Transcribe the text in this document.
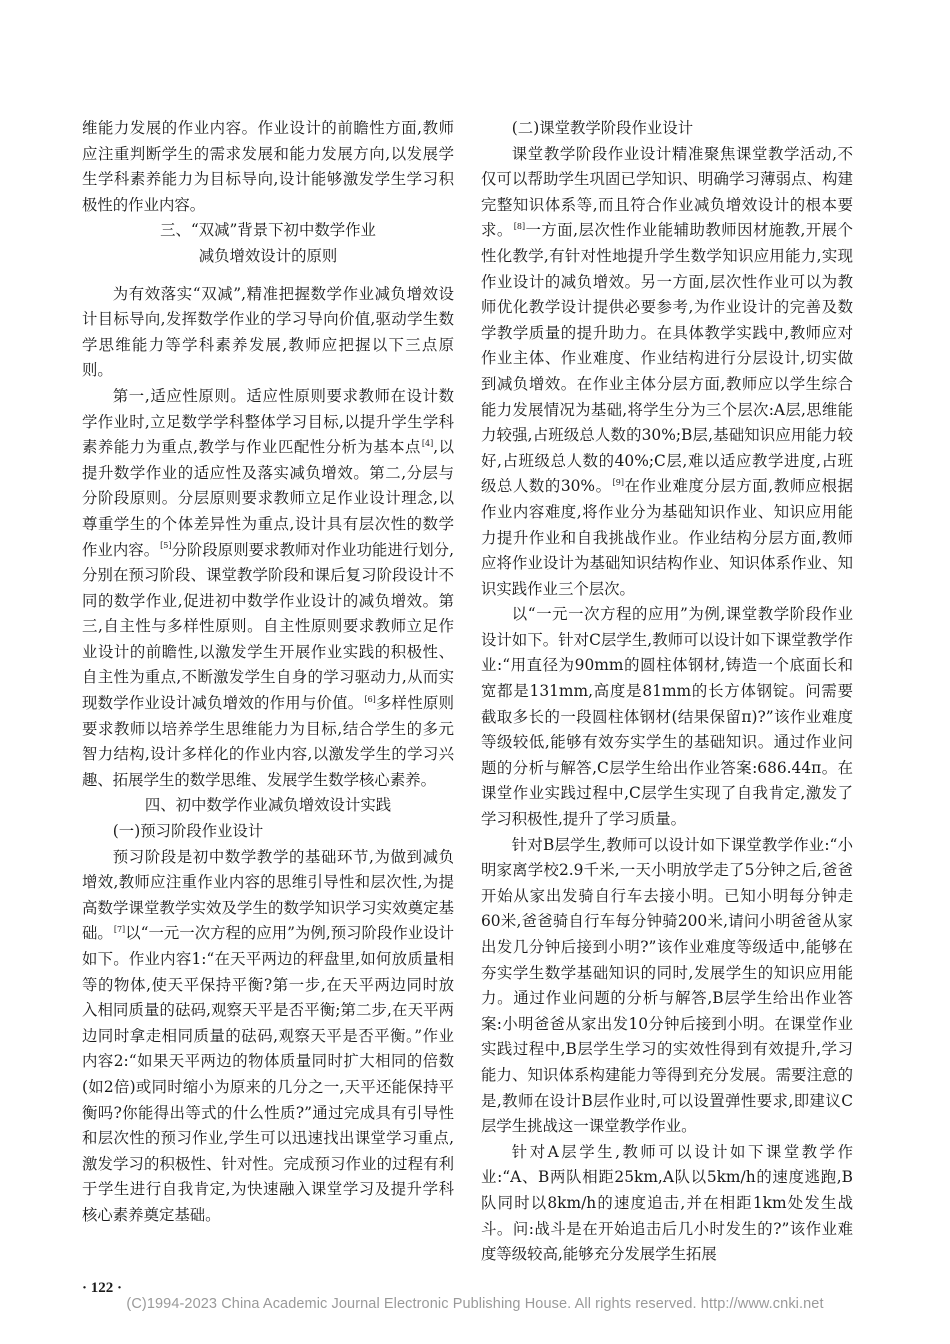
维能力发展的作业内容。作业设计的前瞻性方面,教师应注重判断学生的需求发展和能力发展方向,以发展学生学科素养能力为目标导向,设计能够激发学生学习积极性的作业内容。

三、“双减”背景下初中数学作业

减负增效设计的原则

为有效落实“双减”,精准把握数学作业减负增效设计目标导向,发挥数学作业的学习导向价值,驱动学生数学思维能力等学科素养发展,教师应把握以下三点原则。

第一,适应性原则。适应性原则要求教师在设计数学作业时,立足数学学科整体学习目标,以提升学生学科素养能力为重点,教学与作业匹配性分析为基本点[4],以提升数学作业的适应性及落实减负增效。第二,分层与分阶段原则。分层原则要求教师立足作业设计理念,以尊重学生的个体差异性为重点,设计具有层次性的数学作业内容。[5]分阶段原则要求教师对作业功能进行划分,分别在预习阶段、课堂教学阶段和课后复习阶段设计不同的数学作业,促进初中数学作业设计的减负增效。第三,自主性与多样性原则。自主性原则要求教师立足作业设计的前瞻性,以激发学生开展作业实践的积极性、自主性为重点,不断激发学生自身的学习驱动力,从而实现数学作业设计减负增效的作用与价值。[6]多样性原则要求教师以培养学生思维能力为目标,结合学生的多元智力结构,设计多样化的作业内容,以激发学生的学习兴趣、拓展学生的数学思维、发展学生数学核心素养。

四、初中数学作业减负增效设计实践

(一)预习阶段作业设计

预习阶段是初中数学教学的基础环节,为做到减负增效,教师应注重作业内容的思维引导性和层次性,为提高数学课堂教学实效及学生的数学知识学习实效奠定基础。[7]以“一元一次方程的应用”为例,预习阶段作业设计如下。作业内容1:“在天平两边的秤盘里,如何放质量相等的物体,使天平保持平衡?第一步,在天平两边同时放入相同质量的砝码,观察天平是否平衡;第二步,在天平两边同时拿走相同质量的砝码,观察天平是否平衡。”作业内容2:“如果天平两边的物体质量同时扩大相同的倍数(如2倍)或同时缩小为原来的几分之一,天平还能保持平衡吗?你能得出等式的什么性质?”通过完成具有引导性和层次性的预习作业,学生可以迅速找出课堂学习重点,激发学习的积极性、针对性。完成预习作业的过程有利于学生进行自我肯定,为快速融入课堂学习及提升学科核心素养奠定基础。

(二)课堂教学阶段作业设计

课堂教学阶段作业设计精准聚焦课堂教学活动,不仅可以帮助学生巩固已学知识、明确学习薄弱点、构建完整知识体系等,而且符合作业减负增效设计的根本要求。[8]一方面,层次性作业能辅助教师因材施教,开展个性化教学,有针对性地提升学生数学知识应用能力,实现作业设计的减负增效。另一方面,层次性作业可以为教师优化教学设计提供必要参考,为作业设计的完善及数学教学质量的提升助力。在具体教学实践中,教师应对作业主体、作业难度、作业结构进行分层设计,切实做到减负增效。在作业主体分层方面,教师应以学生综合能力发展情况为基础,将学生分为三个层次:A层,思维能力较强,占班级总人数的30%;B层,基础知识应用能力较好,占班级总人数的40%;C层,难以适应教学进度,占班级总人数的30%。[9]在作业难度分层方面,教师应根据作业内容难度,将作业分为基础知识作业、知识应用能力提升作业和自我挑战作业。作业结构分层方面,教师应将作业设计为基础知识结构作业、知识体系作业、知识实践作业三个层次。

以“一元一次方程的应用”为例,课堂教学阶段作业设计如下。针对C层学生,教师可以设计如下课堂教学作业:“用直径为90mm的圆柱体钢材,铸造一个底面长和宽都是131mm,高度是81mm的长方体钢锭。问需要截取多长的一段圆柱体钢材(结果保留π)?”该作业难度等级较低,能够有效夯实学生的基础知识。通过作业问题的分析与解答,C层学生给出作业答案:686.44π。在课堂作业实践过程中,C层学生实现了自我肯定,激发了学习积极性,提升了学习质量。

针对B层学生,教师可以设计如下课堂教学作业:“小明家离学校2.9千米,一天小明放学走了5分钟之后,爸爸开始从家出发骑自行车去接小明。已知小明每分钟走60米,爸爸骑自行车每分钟骑200米,请问小明爸爸从家出发几分钟后接到小明?”该作业难度等级适中,能够在夯实学生数学基础知识的同时,发展学生的知识应用能力。通过作业问题的分析与解答,B层学生给出作业答案:小明爸爸从家出发10分钟后接到小明。在课堂作业实践过程中,B层学生学习的实效性得到有效提升,学习能力、知识体系构建能力等得到充分发展。需要注意的是,教师在设计B层作业时,可以设置弹性要求,即建议C层学生挑战这一课堂教学作业。

针对A层学生,教师可以设计如下课堂教学作业:“A、B两队相距25km,A队以5km/h的速度逃跑,B队同时以8km/h的速度追击,并在相距1km处发生战斗。问:战斗是在开始追击后几小时发生的?”该作业难度等级较高,能够充分发展学生拓展

· 122 ·
(C)1994-2023 China Academic Journal Electronic Publishing House. All rights reserved. http://www.cnki.net
